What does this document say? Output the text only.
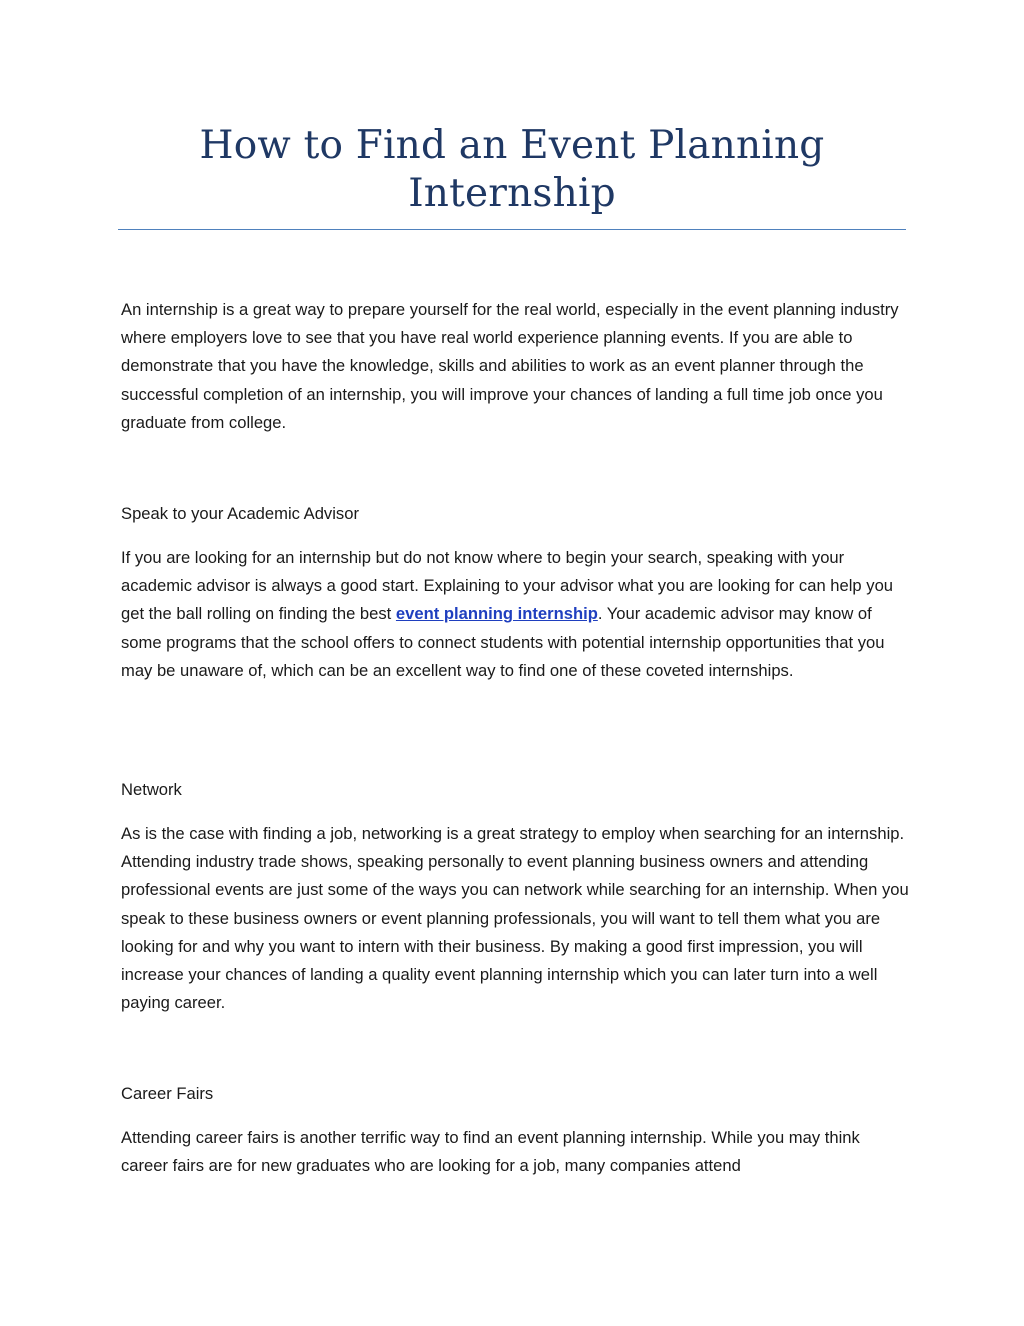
How to Find an Event Planning
Internship

An internship is a great way to prepare yourself for the real world, especially in the event planning industry where employers love to see that you have real world experience planning events. If you are able to demonstrate that you have the knowledge, skills and abilities to work as an event planner through the successful completion of an internship, you will improve your chances of landing a full time job once you graduate from college.

Speak to your Academic Advisor

If you are looking for an internship but do not know where to begin your search, speaking with your academic advisor is always a good start. Explaining to your advisor what you are looking for can help you get the ball rolling on finding the best event planning internship. Your academic advisor may know of some programs that the school offers to connect students with potential internship opportunities that you may be unaware of, which can be an excellent way to find one of these coveted internships.

Network

As is the case with finding a job, networking is a great strategy to employ when searching for an internship. Attending industry trade shows, speaking personally to event planning business owners and attending professional events are just some of the ways you can network while searching for an internship. When you speak to these business owners or event planning professionals, you will want to tell them what you are looking for and why you want to intern with their business. By making a good first impression, you will increase your chances of landing a quality event planning internship which you can later turn into a well paying career.

Career Fairs

Attending career fairs is another terrific way to find an event planning internship. While you may think career fairs are for new graduates who are looking for a job, many companies attend
